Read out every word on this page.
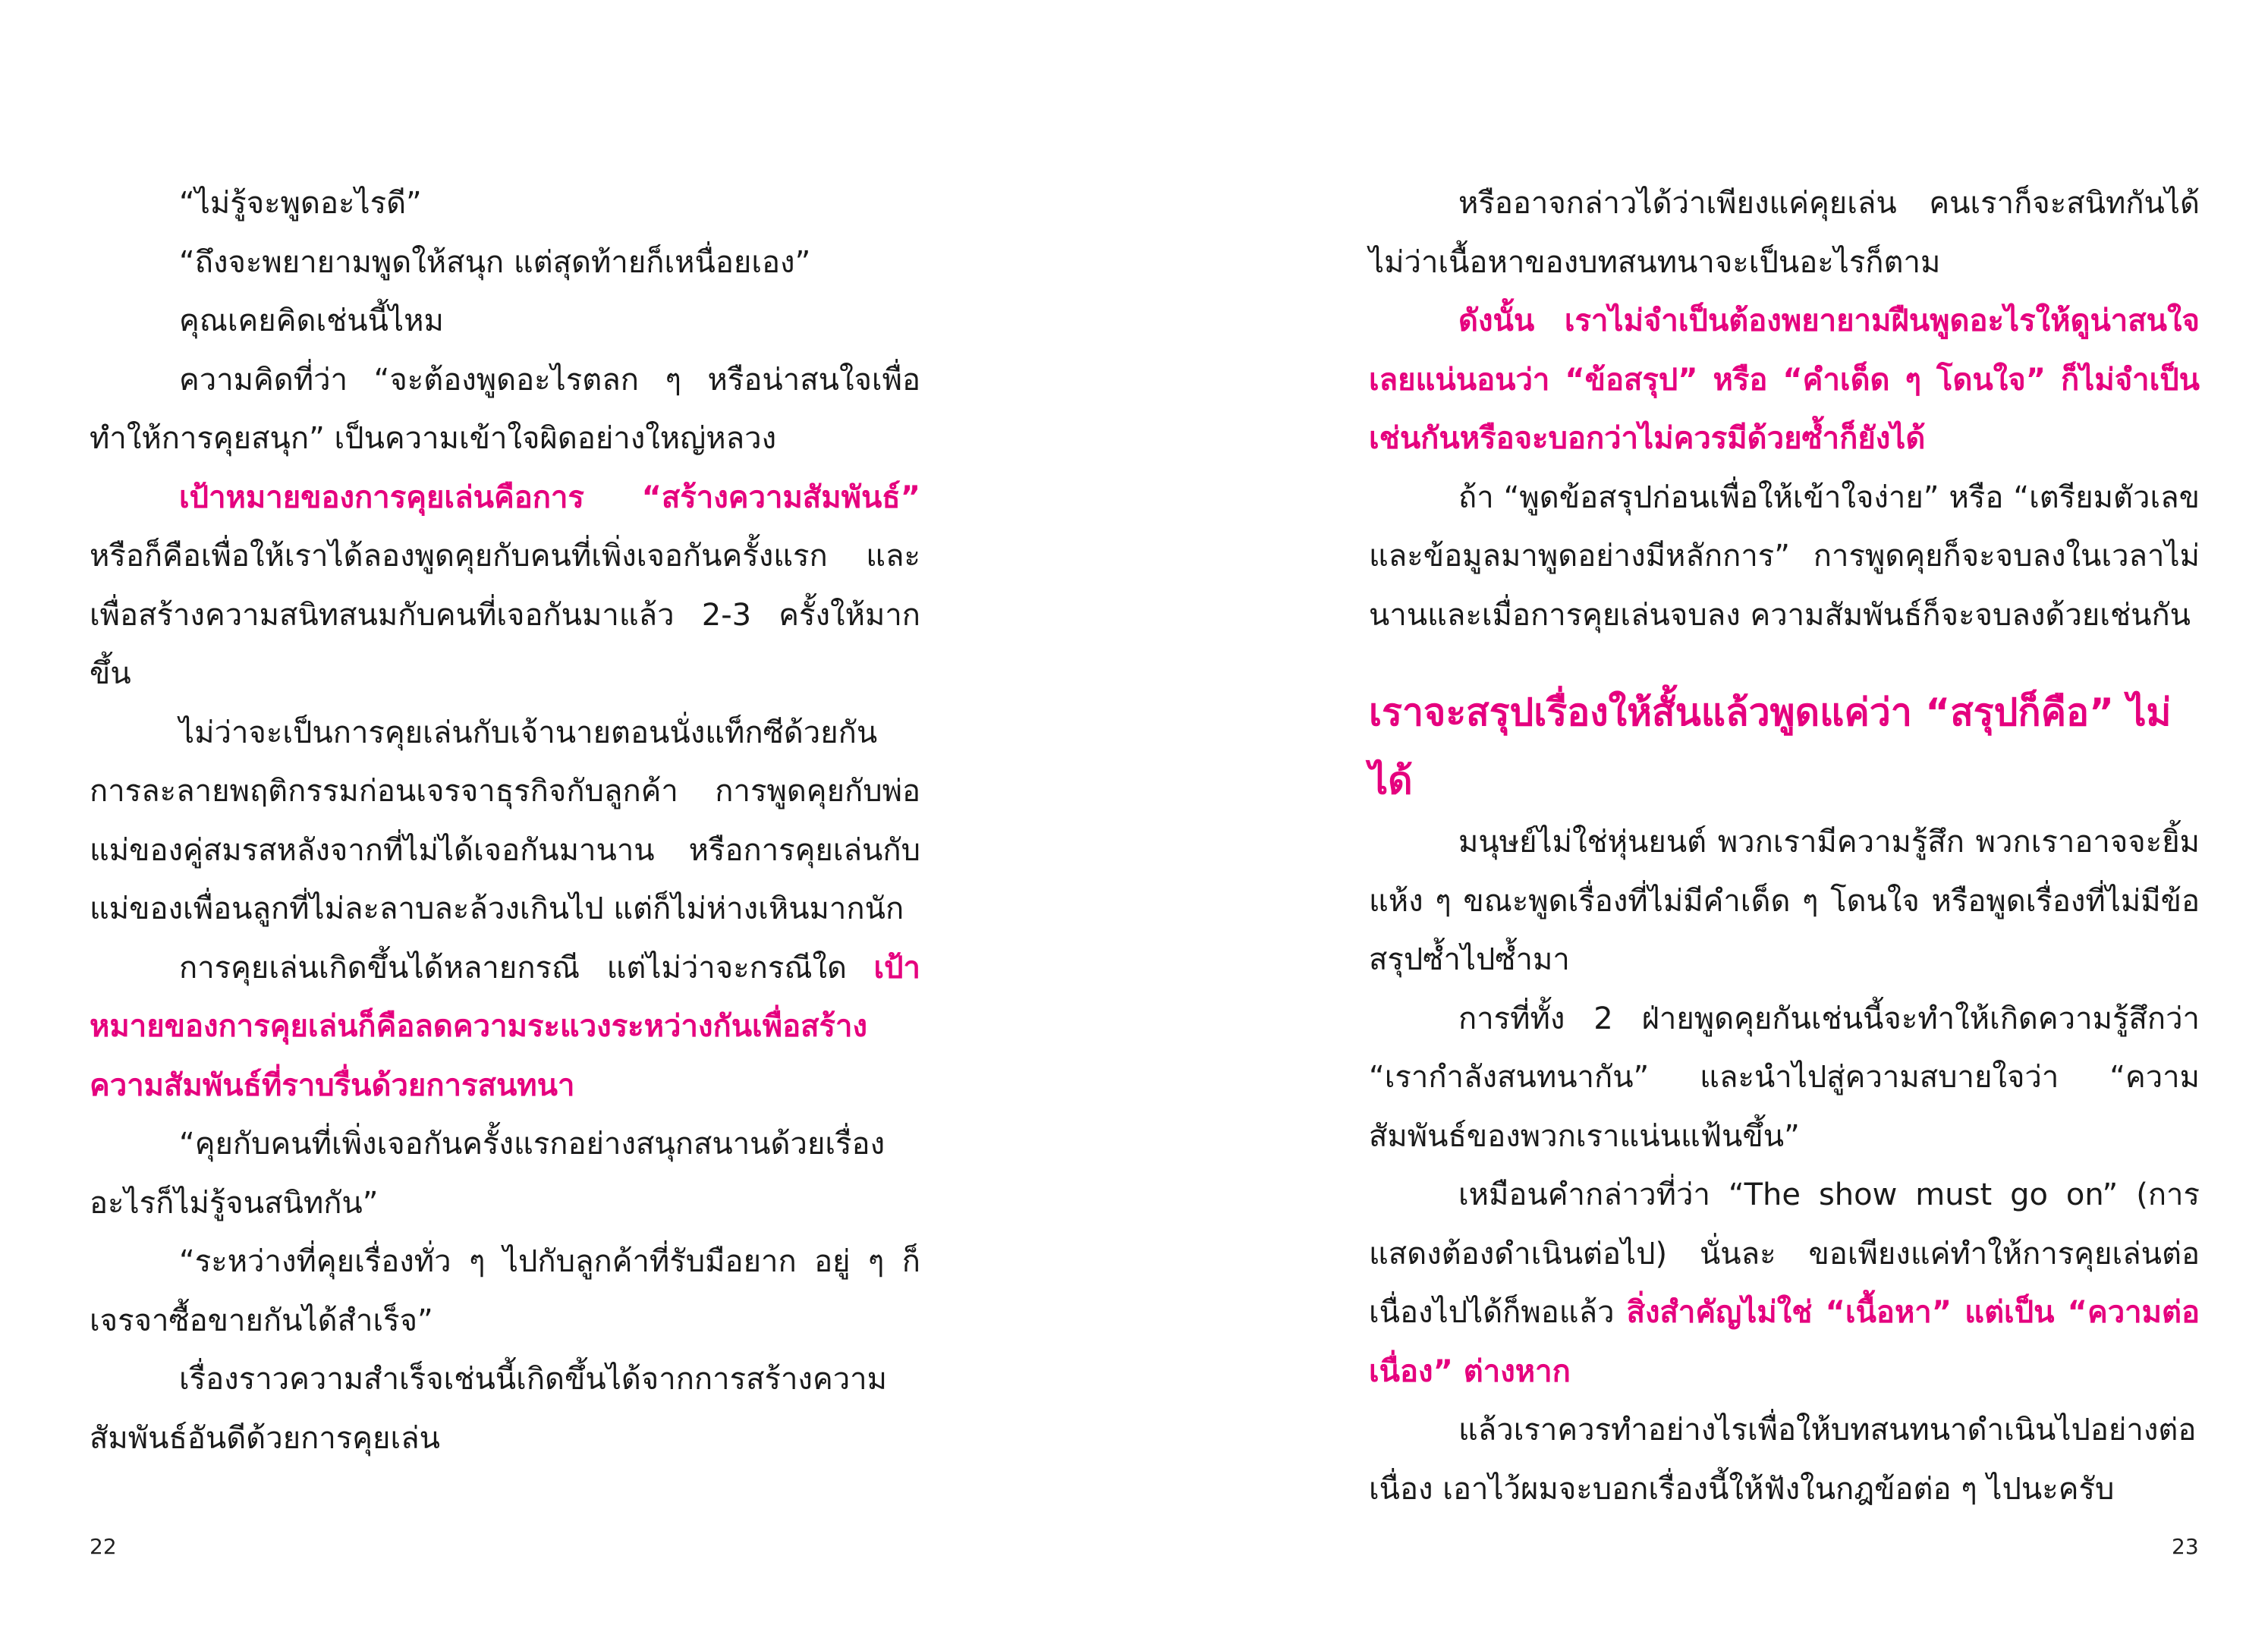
“ไม่รู้จะพูดอะไรดี”

“ถึงจะพยายามพูดให้สนุก แต่สุดท้ายก็เหนื่อยเอง”

คุณเคยคิดเช่นนี้ไหม

ความคิดที่ว่า “จะต้องพูดอะไรตลก ๆ หรือน่าสนใจเพื่อทำให้การคุยสนุก” เป็นความเข้าใจผิดอย่างใหญ่หลวง

เป้าหมายของการคุยเล่นคือการ “สร้างความสัมพันธ์” หรือก็คือเพื่อให้เราได้ลองพูดคุยกับคนที่เพิ่งเจอกันครั้งแรก และเพื่อสร้างความสนิทสนมกับคนที่เจอกันมาแล้ว 2-3 ครั้งให้มากขึ้น

ไม่ว่าจะเป็นการคุยเล่นกับเจ้านายตอนนั่งแท็กซีด้วยกัน การละลายพฤติกรรมก่อนเจรจาธุรกิจกับลูกค้า การพูดคุยกับพ่อแม่ของคู่สมรสหลังจากที่ไม่ได้เจอกันมานาน หรือการคุยเล่นกับแม่ของเพื่อนลูกที่ไม่ละลาบละล้วงเกินไป แต่ก็ไม่ห่างเหินมากนัก

การคุยเล่นเกิดขึ้นได้หลายกรณี แต่ไม่ว่าจะกรณีใด เป้าหมายของการคุยเล่นก็คือลดความระแวงระหว่างกันเพื่อสร้างความสัมพันธ์ที่ราบรื่นด้วยการสนทนา

“คุยกับคนที่เพิ่งเจอกันครั้งแรกอย่างสนุกสนานด้วยเรื่องอะไรก็ไม่รู้จนสนิทกัน”

“ระหว่างที่คุยเรื่องทั่ว ๆ ไปกับลูกค้าที่รับมือยาก อยู่ ๆ ก็เจรจาซื้อขายกันได้สำเร็จ”

เรื่องราวความสำเร็จเช่นนี้เกิดขึ้นได้จากการสร้างความสัมพันธ์อันดีด้วยการคุยเล่น

22

หรืออาจกล่าวได้ว่าเพียงแค่คุยเล่น คนเราก็จะสนิทกันได้ไม่ว่าเนื้อหาของบทสนทนาจะเป็นอะไรก็ตาม

ดังนั้น เราไม่จำเป็นต้องพยายามฝืนพูดอะไรให้ดูน่าสนใจเลยแน่นอนว่า “ข้อสรุป” หรือ “คำเด็ด ๆ โดนใจ” ก็ไม่จำเป็นเช่นกันหรือจะบอกว่าไม่ควรมีด้วยซ้ำก็ยังได้

ถ้า “พูดข้อสรุปก่อนเพื่อให้เข้าใจง่าย” หรือ “เตรียมตัวเลขและข้อมูลมาพูดอย่างมีหลักการ” การพูดคุยก็จะจบลงในเวลาไม่นานและเมื่อการคุยเล่นจบลง ความสัมพันธ์ก็จะจบลงด้วยเช่นกัน

เราจะสรุปเรื่องให้สั้นแล้วพูดแค่ว่า “สรุปก็คือ” ไม่ได้

มนุษย์ไม่ใช่หุ่นยนต์ พวกเรามีความรู้สึก พวกเราอาจจะยิ้มแห้ง ๆ ขณะพูดเรื่องที่ไม่มีคำเด็ด ๆ โดนใจ หรือพูดเรื่องที่ไม่มีข้อสรุปซ้ำไปซ้ำมา

การที่ทั้ง 2 ฝ่ายพูดคุยกันเช่นนี้จะทำให้เกิดความรู้สึกว่า “เรากำลังสนทนากัน” และนำไปสู่ความสบายใจว่า “ความสัมพันธ์ของพวกเราแน่นแฟ้นขึ้น”

เหมือนคำกล่าวที่ว่า “The show must go on” (การแสดงต้องดำเนินต่อไป) นั่นละ ขอเพียงแค่ทำให้การคุยเล่นต่อเนื่องไปได้ก็พอแล้ว สิ่งสำคัญไม่ใช่ “เนื้อหา” แต่เป็น “ความต่อเนื่อง” ต่างหาก

แล้วเราควรทำอย่างไรเพื่อให้บทสนทนาดำเนินไปอย่างต่อเนื่อง เอาไว้ผมจะบอกเรื่องนี้ให้ฟังในกฎข้อต่อ ๆ ไปนะครับ

23
